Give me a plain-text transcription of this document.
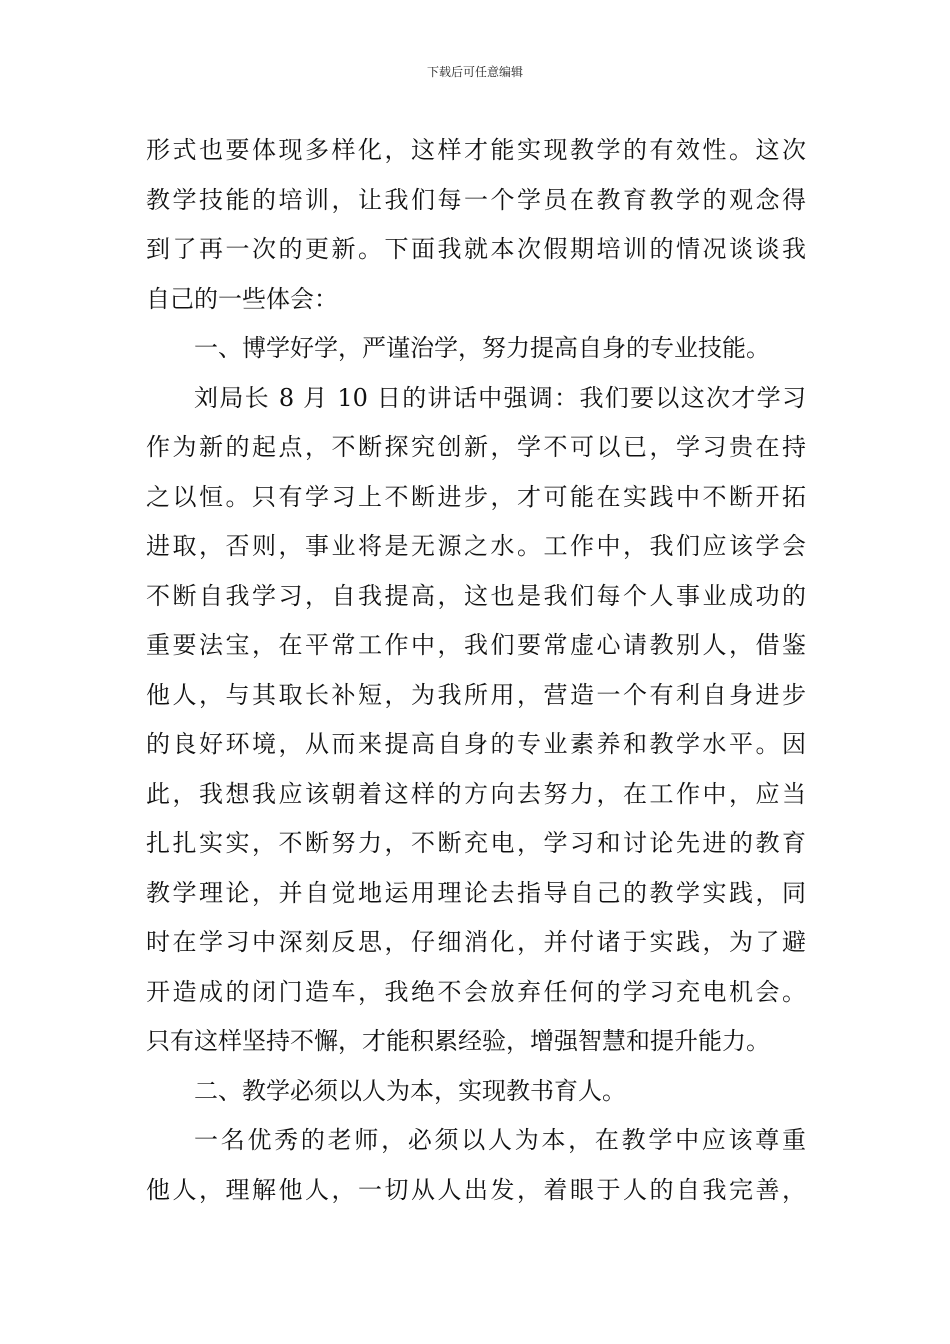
下载后可任意编辑
形式也要体现多样化，这样才能实现教学的有效性。这次
教学技能的培训，让我们每一个学员在教育教学的观念得
到了再一次的更新。下面我就本次假期培训的情况谈谈我
自己的一些体会：
一、博学好学，严谨治学，努力提高自身的专业技能。
刘局长 8 月 10 日的讲话中强调：我们要以这次才学习
作为新的起点，不断探究创新，学不可以已，学习贵在持
之以恒。只有学习上不断进步，才可能在实践中不断开拓
进取，否则，事业将是无源之水。工作中，我们应该学会
不断自我学习，自我提高，这也是我们每个人事业成功的
重要法宝，在平常工作中，我们要常虚心请教别人，借鉴
他人，与其取长补短，为我所用，营造一个有利自身进步
的良好环境，从而来提高自身的专业素养和教学水平。因
此，我想我应该朝着这样的方向去努力，在工作中，应当
扎扎实实，不断努力，不断充电，学习和讨论先进的教育
教学理论，并自觉地运用理论去指导自己的教学实践，同
时在学习中深刻反思，仔细消化，并付诸于实践，为了避
开造成的闭门造车，我绝不会放弃任何的学习充电机会。
只有这样坚持不懈，才能积累经验，增强智慧和提升能力。
二、教学必须以人为本，实现教书育人。
一名优秀的老师，必须以人为本，在教学中应该尊重
他人，理解他人，一切从人出发，着眼于人的自我完善，
